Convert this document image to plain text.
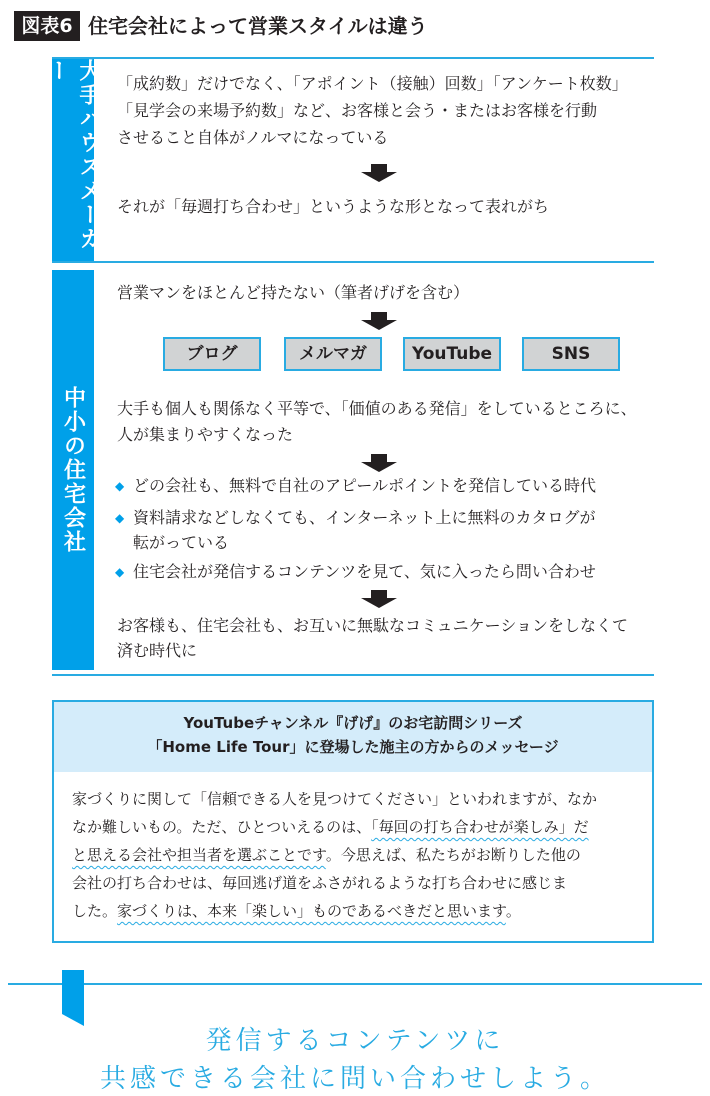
図表6 住宅会社によって営業スタイルは違う
大手ハウスメーカー
「成約数」だけでなく、「アポイント（接触）回数」「アンケート枚数」
「見学会の来場予約数」など、お客様と会う・またはお客様を行動
させること自体がノルマになっている
それが「毎週打ち合わせ」というような形となって表れがち
中小の住宅会社
営業マンをほとんど持たない（筆者げげを含む）
ブログ	メルマガ	YouTube	SNS
大手も個人も関係なく平等で、「価値のある発信」をしているところに、
人が集まりやすくなった
◆ どの会社も、無料で自社のアピールポイントを発信している時代
◆ 資料請求などしなくても、インターネット上に無料のカタログが
転がっている
◆ 住宅会社が発信するコンテンツを見て、気に入ったら問い合わせ
お客様も、住宅会社も、お互いに無駄なコミュニケーションをしなくて
済む時代に
YouTubeチャンネル『げげ』のお宅訪問シリーズ
「Home Life Tour」に登場した施主の方からのメッセージ
家づくりに関して「信頼できる人を見つけてください」といわれますが、なか
なか難しいもの。ただ、ひとついえるのは、「毎回の打ち合わせが楽しみ」だ
と思える会社や担当者を選ぶことです。今思えば、私たちがお断りした他の
会社の打ち合わせは、毎回逃げ道をふさがれるような打ち合わせに感じま
した。家づくりは、本来「楽しい」ものであるべきだと思います。
発信するコンテンツに
共感できる会社に問い合わせしよう。
